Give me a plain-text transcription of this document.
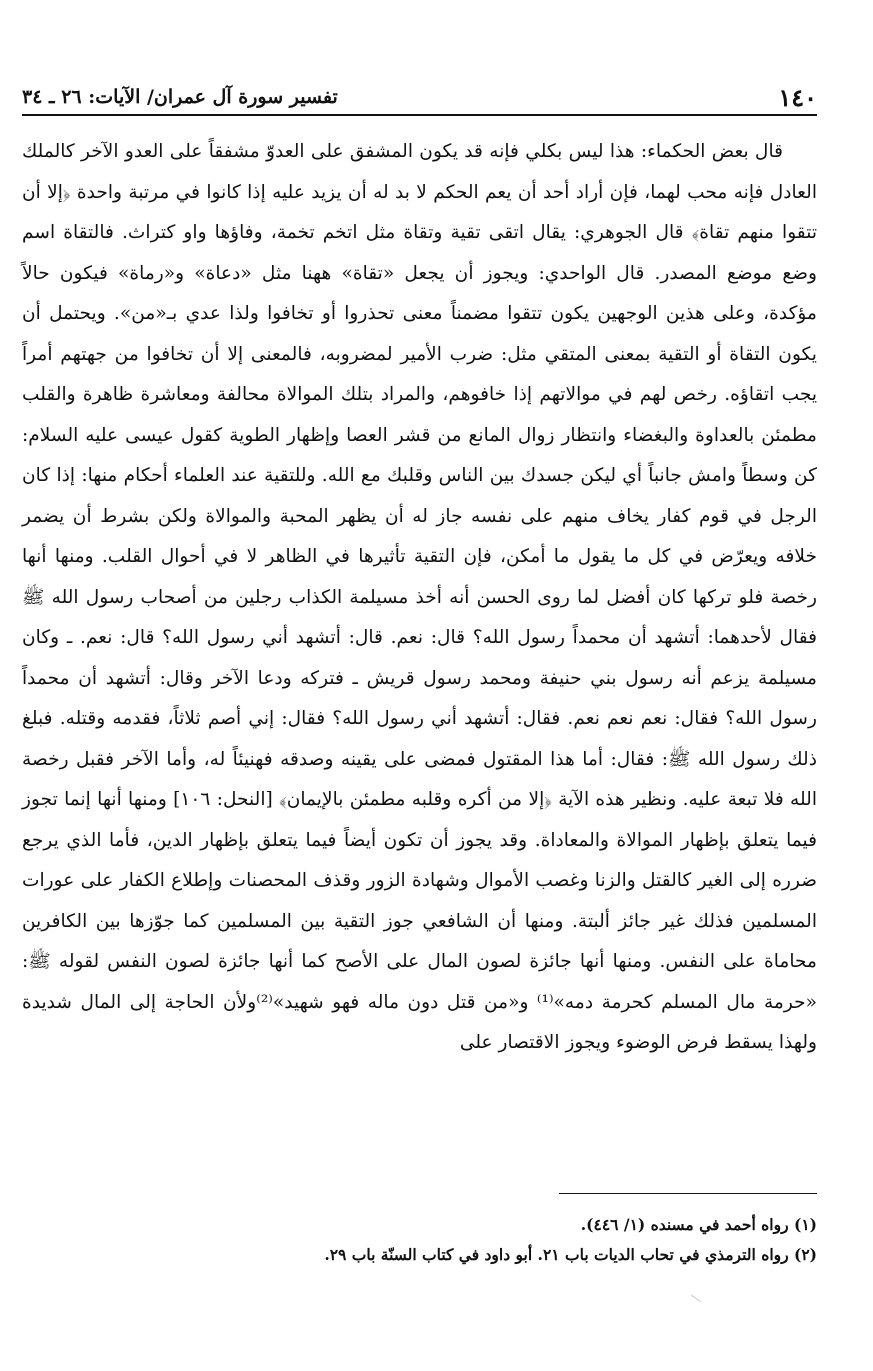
١٤٠
تفسير سورة آل عمران/ الآيات: ٢٦ ـ ٣٤

قال بعض الحكماء: هذا ليس بكلي فإنه قد يكون المشفق على العدوّ مشفقاً على العدو الآخر كالملك العادل فإنه محب لهما، فإن أراد أحد أن يعم الحكم لا بد له أن يزيد عليه إذا كانوا في مرتبة واحدة ﴿إلا أن تتقوا منهم تقاة﴾ قال الجوهري: يقال اتقى تقية وتقاة مثل اتخم تخمة، وفاؤها واو كتراث. فالتقاة اسم وضع موضع المصدر. قال الواحدي: ويجوز أن يجعل «تقاة» ههنا مثل «دعاة» و«رماة» فيكون حالاً مؤكدة، وعلى هذين الوجهين يكون تتقوا مضمناً معنى تحذروا أو تخافوا ولذا عدي بـ«من». ويحتمل أن يكون التقاة أو التقية بمعنى المتقي مثل: ضرب الأمير لمضروبه، فالمعنى إلا أن تخافوا من جهتهم أمراً يجب اتقاؤه. رخص لهم في موالاتهم إذا خافوهم، والمراد بتلك الموالاة محالفة ومعاشرة ظاهرة والقلب مطمئن بالعداوة والبغضاء وانتظار زوال المانع من قشر العصا وإظهار الطوية كقول عيسى عليه السلام: كن وسطاً وامش جانباً أي ليكن جسدك بين الناس وقلبك مع الله. وللتقية عند العلماء أحكام منها: إذا كان الرجل في قوم كفار يخاف منهم على نفسه جاز له أن يظهر المحبة والموالاة ولكن بشرط أن يضمر خلافه ويعرّض في كل ما يقول ما أمكن، فإن التقية تأثيرها في الظاهر لا في أحوال القلب. ومنها أنها رخصة فلو تركها كان أفضل لما روى الحسن أنه أخذ مسيلمة الكذاب رجلين من أصحاب رسول الله ﷺ فقال لأحدهما: أتشهد أن محمداً رسول الله؟ قال: نعم. قال: أتشهد أني رسول الله؟ قال: نعم. ـ وكان مسيلمة يزعم أنه رسول بني حنيفة ومحمد رسول قريش ـ فتركه ودعا الآخر وقال: أتشهد أن محمداً رسول الله؟ فقال: نعم نعم نعم. فقال: أتشهد أني رسول الله؟ فقال: إني أصم ثلاثاً، فقدمه وقتله. فبلغ ذلك رسول الله ﷺ: فقال: أما هذا المقتول فمضى على يقينه وصدقه فهنيئاً له، وأما الآخر فقبل رخصة الله فلا تبعة عليه. ونظير هذه الآية ﴿إلا من أكره وقلبه مطمئن بالإيمان﴾ [النحل: ١٠٦] ومنها أنها إنما تجوز فيما يتعلق بإظهار الموالاة والمعاداة. وقد يجوز أن تكون أيضاً فيما يتعلق بإظهار الدين، فأما الذي يرجع ضرره إلى الغير كالقتل والزنا وغصب الأموال وشهادة الزور وقذف المحصنات وإطلاع الكفار على عورات المسلمين فذلك غير جائز ألبتة. ومنها أن الشافعي جوز التقية بين المسلمين كما جوّزها بين الكافرين محاماة على النفس. ومنها أنها جائزة لصون المال على الأصح كما أنها جائزة لصون النفس لقوله ﷺ: «حرمة مال المسلم كحرمة دمه»⁽¹⁾ و«من قتل دون ماله فهو شهيد»⁽²⁾ولأن الحاجة إلى المال شديدة ولهذا يسقط فرض الوضوء ويجوز الاقتصار على

(١) رواه أحمد في مسنده (١/ ٤٤٦).

(٢) رواه الترمذي في تحاب الديات باب ٢١. أبو داود في كتاب السنّة باب ٢٩.
